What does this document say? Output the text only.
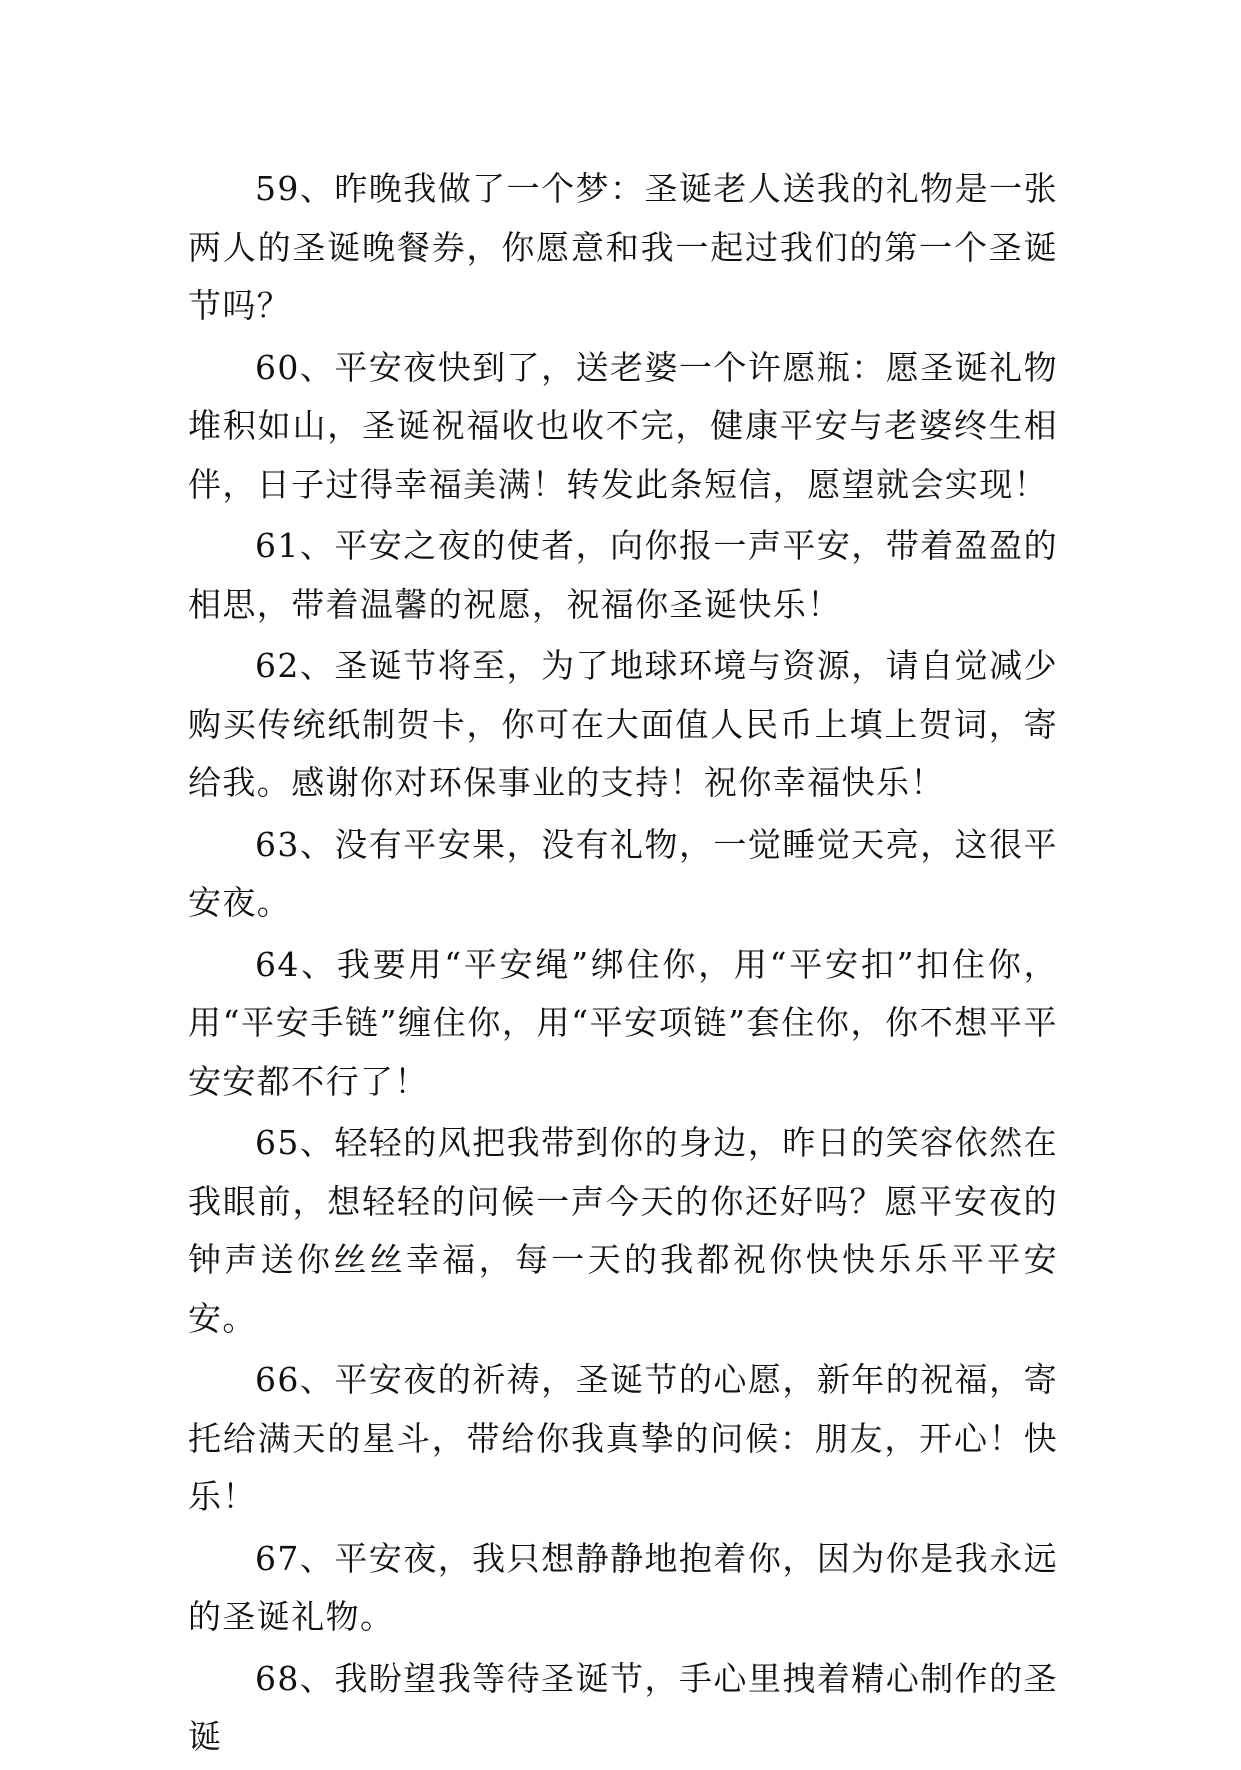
59、昨晚我做了一个梦：圣诞老人送我的礼物是一张两人的圣诞晚餐券，你愿意和我一起过我们的第一个圣诞节吗？

60、平安夜快到了，送老婆一个许愿瓶：愿圣诞礼物堆积如山，圣诞祝福收也收不完，健康平安与老婆终生相伴，日子过得幸福美满！转发此条短信，愿望就会实现！

61、平安之夜的使者，向你报一声平安，带着盈盈的相思，带着温馨的祝愿，祝福你圣诞快乐！

62、圣诞节将至，为了地球环境与资源，请自觉减少购买传统纸制贺卡，你可在大面值人民币上填上贺词，寄给我。感谢你对环保事业的支持！祝你幸福快乐！

63、没有平安果，没有礼物，一觉睡觉天亮，这很平安夜。

64、我要用“平安绳”绑住你，用“平安扣”扣住你，用“平安手链”缠住你，用“平安项链”套住你，你不想平平安安都不行了！

65、轻轻的风把我带到你的身边，昨日的笑容依然在我眼前，想轻轻的问候一声今天的你还好吗？愿平安夜的钟声送你丝丝幸福，每一天的我都祝你快快乐乐平平安安。

66、平安夜的祈祷，圣诞节的心愿，新年的祝福，寄托给满天的星斗，带给你我真挚的问候：朋友，开心！快乐！

67、平安夜，我只想静静地抱着你，因为你是我永远的圣诞礼物。

68、我盼望我等待圣诞节，手心里拽着精心制作的圣诞
